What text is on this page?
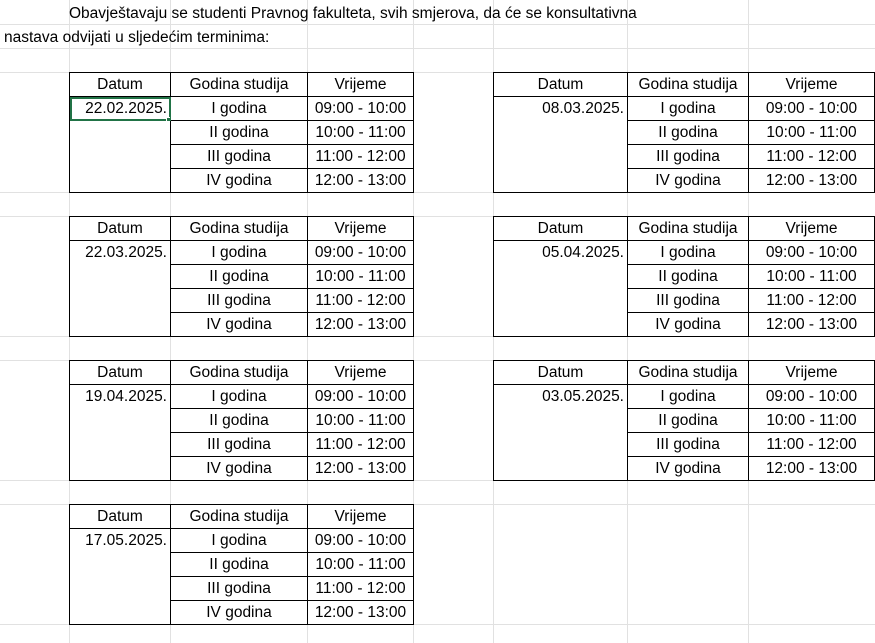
Obavještavaju se studenti Pravnog fakulteta, svih smjerova, da će se konsultativna
nastava odvijati u sljedećim terminima:
Datum	Godina studija	Vrijeme
22.02.2025.	I godina	09:00 - 10:00
	II godina	10:00 - 11:00
	III godina	11:00 - 12:00
	IV godina	12:00 - 13:00
Datum	Godina studija	Vrijeme
08.03.2025.	I godina	09:00 - 10:00
	II godina	10:00 - 11:00
	III godina	11:00 - 12:00
	IV godina	12:00 - 13:00
Datum	Godina studija	Vrijeme
22.03.2025.	I godina	09:00 - 10:00
	II godina	10:00 - 11:00
	III godina	11:00 - 12:00
	IV godina	12:00 - 13:00
Datum	Godina studija	Vrijeme
05.04.2025.	I godina	09:00 - 10:00
	II godina	10:00 - 11:00
	III godina	11:00 - 12:00
	IV godina	12:00 - 13:00
Datum	Godina studija	Vrijeme
19.04.2025.	I godina	09:00 - 10:00
	II godina	10:00 - 11:00
	III godina	11:00 - 12:00
	IV godina	12:00 - 13:00
Datum	Godina studija	Vrijeme
03.05.2025.	I godina	09:00 - 10:00
	II godina	10:00 - 11:00
	III godina	11:00 - 12:00
	IV godina	12:00 - 13:00
Datum	Godina studija	Vrijeme
17.05.2025.	I godina	09:00 - 10:00
	II godina	10:00 - 11:00
	III godina	11:00 - 12:00
	IV godina	12:00 - 13:00
